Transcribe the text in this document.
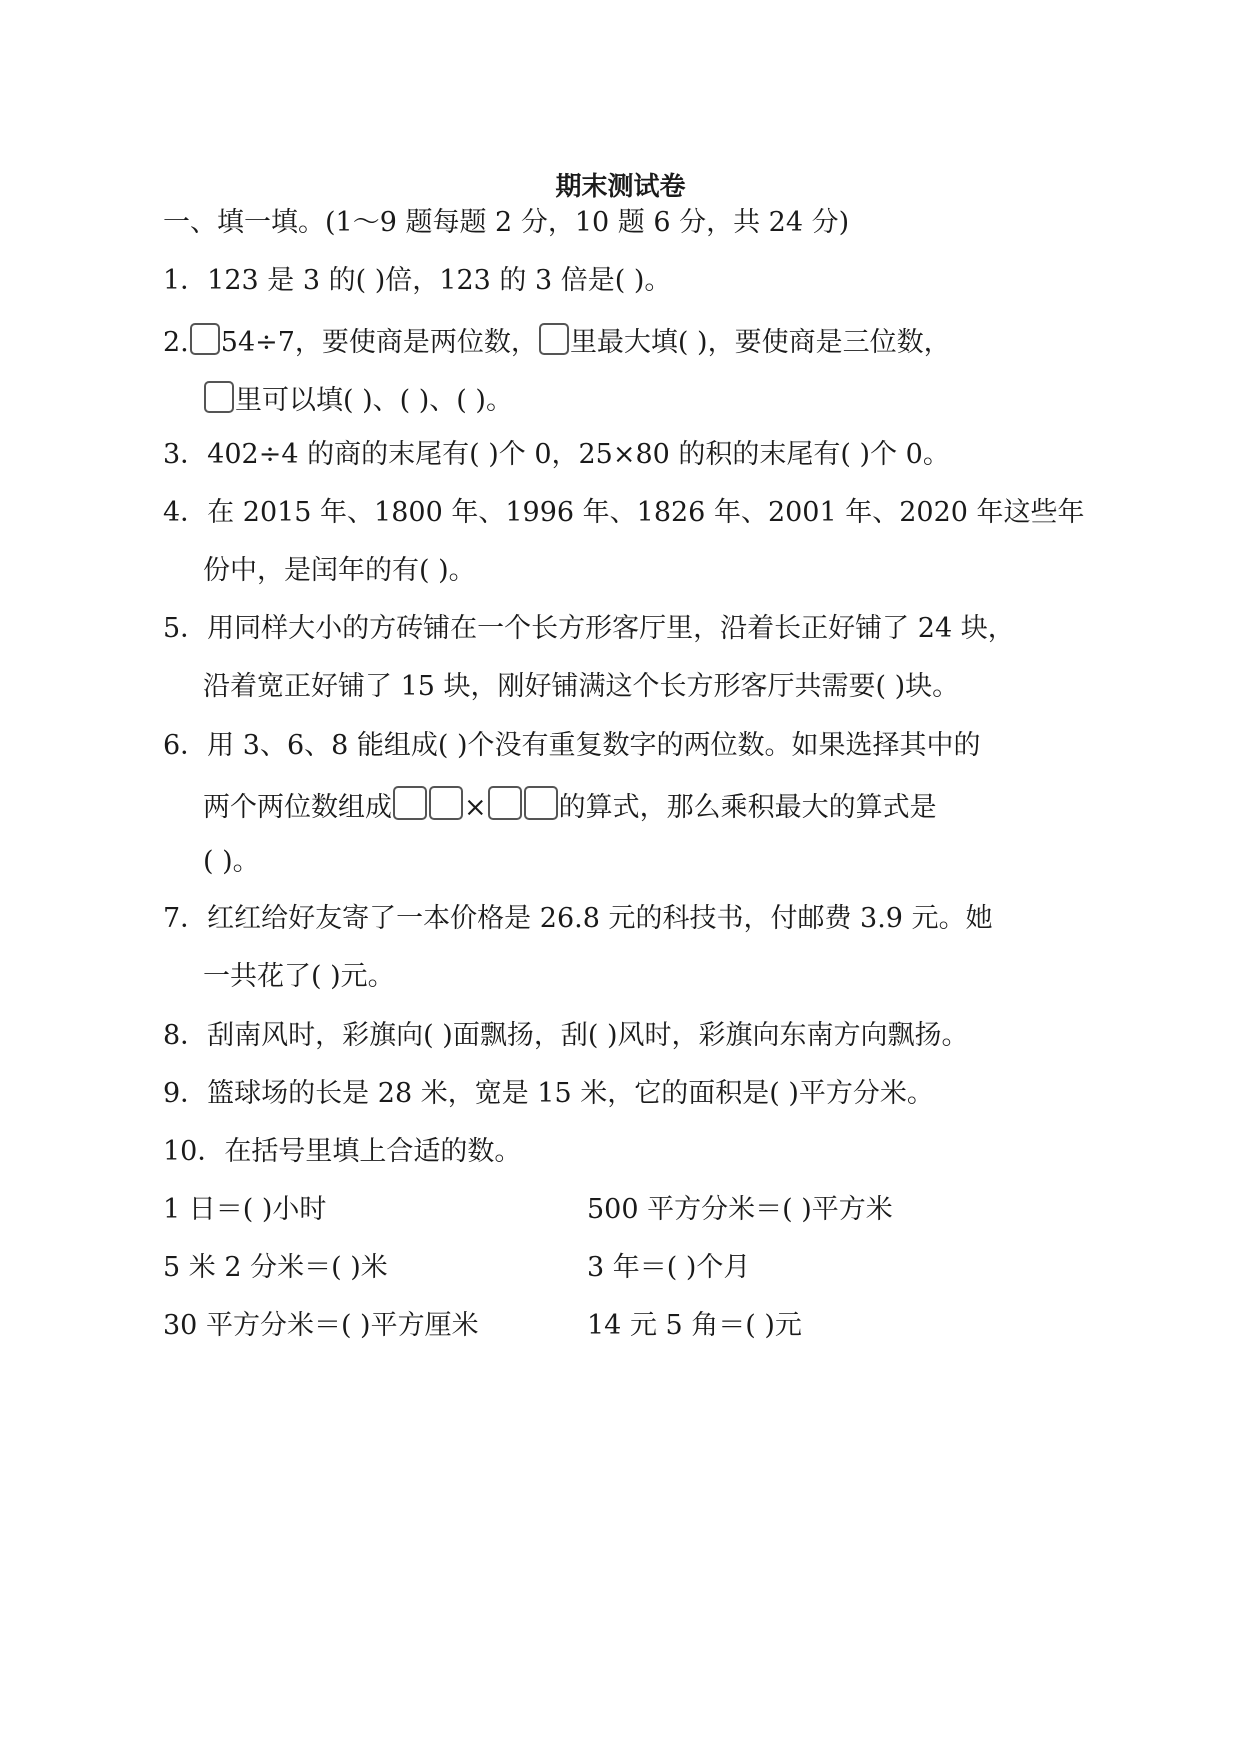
期末测试卷
一、填一填。(1～9 题每题 2 分，10 题 6 分，共 24 分)
1．123 是 3 的( )倍，123 的 3 倍是( )。
2. 54÷7，要使商是两位数， 里最大填( )，要使商是三位数，
里可以填( )、( )、( )。
3．402÷4 的商的末尾有( )个 0，25×80 的积的末尾有( )个 0。
4．在 2015 年、1800 年、1996 年、1826 年、2001 年、2020 年这些年
份中，是闰年的有( )。
5．用同样大小的方砖铺在一个长方形客厅里，沿着长正好铺了 24 块，
沿着宽正好铺了 15 块，刚好铺满这个长方形客厅共需要( )块。
6．用 3、6、8 能组成( )个没有重复数字的两位数。如果选择其中的
两个两位数组成	×	的算式，那么乘积最大的算式是
( )。
7．红红给好友寄了一本价格是 26.8 元的科技书，付邮费 3.9 元。她
一共花了( )元。
8．刮南风时，彩旗向( )面飘扬，刮( )风时，彩旗向东南方向飘扬。
9．篮球场的长是 28 米，宽是 15 米，它的面积是( )平方分米。
10．在括号里填上合适的数。
1 日＝( )小时	500 平方分米＝( )平方米
5 米 2 分米＝( )米	3 年＝( )个月
30 平方分米＝( )平方厘米	14 元 5 角＝( )元
